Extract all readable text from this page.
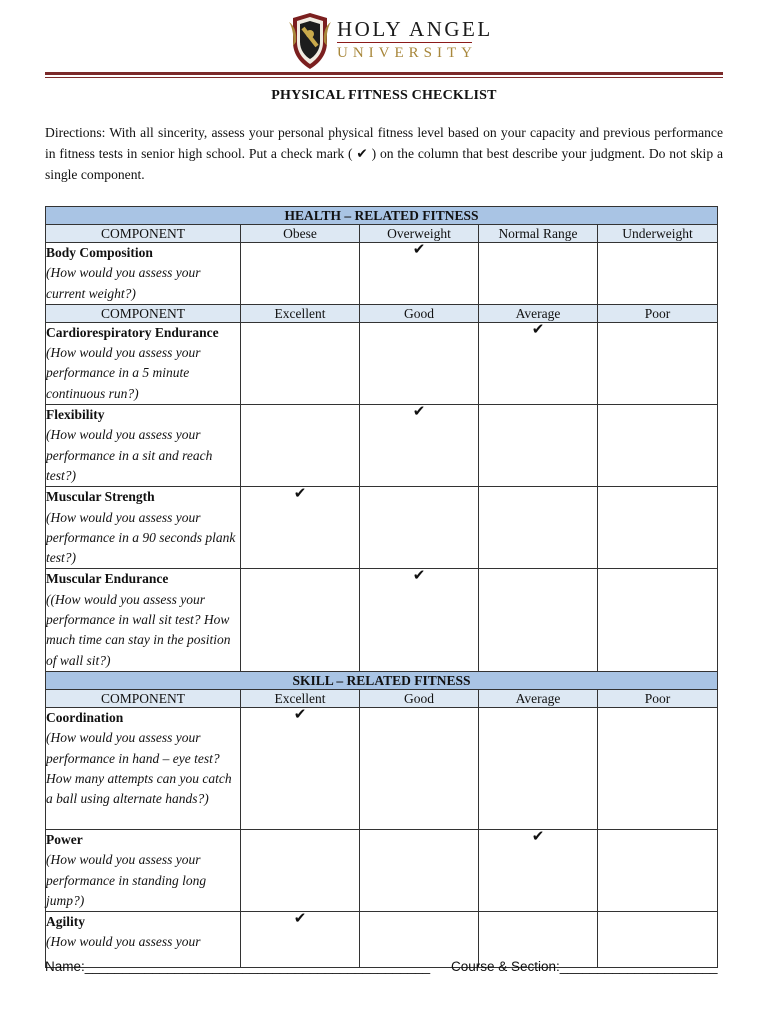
HOLY ANGEL
UNIVERSITY
PHYSICAL FITNESS CHECKLIST
Directions: With all sincerity, assess your personal physical fitness level based on your capacity and previous performance in fitness tests in senior high school. Put a check mark ( ✔ ) on the column that best describe your judgment. Do not skip a single component.
HEALTH – RELATED FITNESS				
COMPONENT	Obese	Overweight	Normal Range	Underweight

Body Composition
(How would you assess your current weight?)		✔		
COMPONENT	Excellent	Good	Average	Poor

Cardiorespiratory Endurance
(How would you assess your performance in a 5 minute continuous run?)			✔	

Flexibility
(How would you assess your performance in a sit and reach test?)		✔		

Muscular Strength
(How would you assess your performance in a 90 seconds plank test?)	✔			

Muscular Endurance
((How would you assess your performance in wall sit test? How much time can stay in the position of wall sit?)		✔		
SKILL – RELATED FITNESS				
COMPONENT	Excellent	Good	Average	Poor

Coordination
(How would you assess your performance in hand – eye test? How many attempts can you catch a ball using alternate hands?)	✔			

Power
(How would you assess your performance in standing long jump?)			✔	

Agility
(How would you assess your	✔			
Name:______________________________________________ Course & Section:_____________________
